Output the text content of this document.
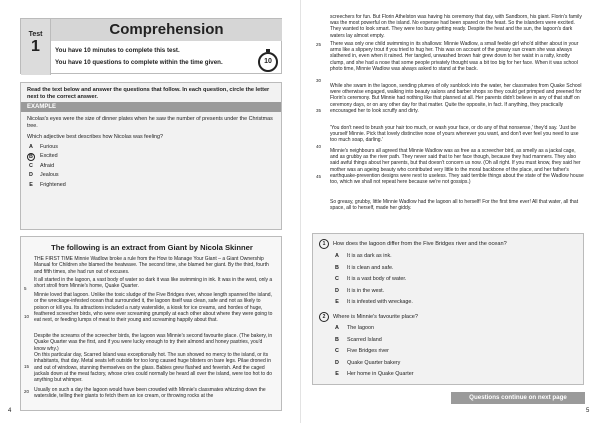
Test
1
Comprehension
You have 10 minutes to complete this test.
You have 10 questions to complete within the time given.	10
Read the text below and answer the questions that follow. In each question, circle the letter next to the correct answer.
EXAMPLE
Nicolas's eyes were the size of dinner plates when he saw the number of presents under the Christmas tree.
Which adjective best describes how Nicolas was feeling?
A	Furious
B	Excited
C	Afraid
D	Jealous
E	Frightened
The following is an extract from Giant by Nicola Skinner
THE FIRST TIME Minnie Wadlow broke a rule from the How to Manage Your Giant – a Giant Ownership Manual for Children she blamed the heatwave. The second time, she blamed her giant. By the third, fourth and fifth times, she had run out of excuses.
It all started in the lagoon, a vast body of water so dark it was like swimming in ink. It was in the west, only a short stroll from Minnie's home, Quake Quarter.
Minnie loved that lagoon. Unlike the toxic sludge of the Five Bridges river, whose length spanned the island, or the wreckage-infested ocean that surrounded it, the lagoon itself was clean, safe and not as likely to poison or kill you. Its attractions included a rusty waterslide, a kiosk for ice creams, and hordes of huge, feathered screecher birds, who were ever screaming grumpily at each other about where they were going to eat next, or feeding lumps of meat to their young and screaming happily about that.
Despite the screams of the screecher birds, the lagoon was Minnie's second favourite place. (The bakery, in Quake Quarter was the first, and if you were lucky enough to try their almond and honey pastries, you'd know why.)
On this particular day, Scarred Island was exceptionally hot. The sun showed no mercy to the island, or its inhabitants, that day. Metal seats left outside for too long caused huge blisters on bare legs. Pilae droned in and out of windows, stunning themselves on the glass. Babies grew flushed and feverish. And the caged jackals down at the meat factory, whose cries could normally be heard all over the island, were too hot to do anything but whimper.
Usually on such a day the lagoon would have been crowded with Minnie's classmates whizzing down the waterslide, telling their giants to fetch them an ice cream, or throwing rocks at the
5
10
15
20
4
screechers for fun. But Florin Athelston was having his ceremony that day, with Sandborn, his giant. Florin's family was the most powerful on the island. No expense had been spared on the feast. So the islanders were excited. They wanted to look smart. They were too busy getting ready. Despite the heat and the sun, the lagoon's dark waters lay almost empty.
There was only one child swimming in its shallows: Minnie Wadlow, a small feeble girl who'd slither about in your arms like a slippery trout if you tried to hug her. This was on account of the greasy sun cream she was always slathered in, even when it rained. Her tangled, unwashed brown hair grew down to her waist in a ratty, knotty clump, and she had a nose that some people privately thought was a bit too big for her face. When it was school photo time, Minnie Wadlow was always asked to stand at the back.
While she swam in the lagoon, sending plumes of oily sunblock into the water, her classmates from Quake School were otherwise engaged, walking into beauty salons and barber shops so they could get primped and preened for Florin's ceremony. But Minnie had nothing like that planned at all. Her parents didn't believe in any of that stuff on ceremony days, or on any other day for that matter. Quite the opposite, in fact. If anything, they practically encouraged her to look scruffy and dirty.
'You don't need to brush your hair too much, or wash your face, or do any of that nonsense,' they'd say. 'Just be yourself Minnie. Pick that lovely distinctive nose of yours wherever you want, and don't ever feel you need to use too much soap, darling.'
Minnie's neighbours all agreed that Minnie Wadlow was as free as a screecher bird, as smelly as a jackal cage, and as grubby as the river path. They never said that to her face though, because they had manners. They also said awful things about her parents, but that doesn't concern us now. (Oh all right. If you must know, they said her mother was an ageing beauty who contributed very little to the moral backbone of the place, and her father's earthquake-prevention designs were next to useless. They said terrible things about the state of the Wadlow house too, which we shall not repeat here because we're not gossips.)
So greasy, grubby, little Minnie Wadlow had the lagoon all to herself! For the first time ever! All that water, all that space, all to herself, made her giddy.
25
30
35
40
45
1	How does the lagoon differ from the Five Bridges river and the ocean?
A	It is as dark as ink.
B	It is clean and safe.
C	It is a vast body of water.
D	It is in the west.
E	It is infested with wreckage.
2	Where is Minnie's favourite place?
A	The lagoon
B	Scarred Island
C	Five Bridges river
D	Quake Quarter bakery
E	Her home in Quake Quarter
Questions continue on next page
5
